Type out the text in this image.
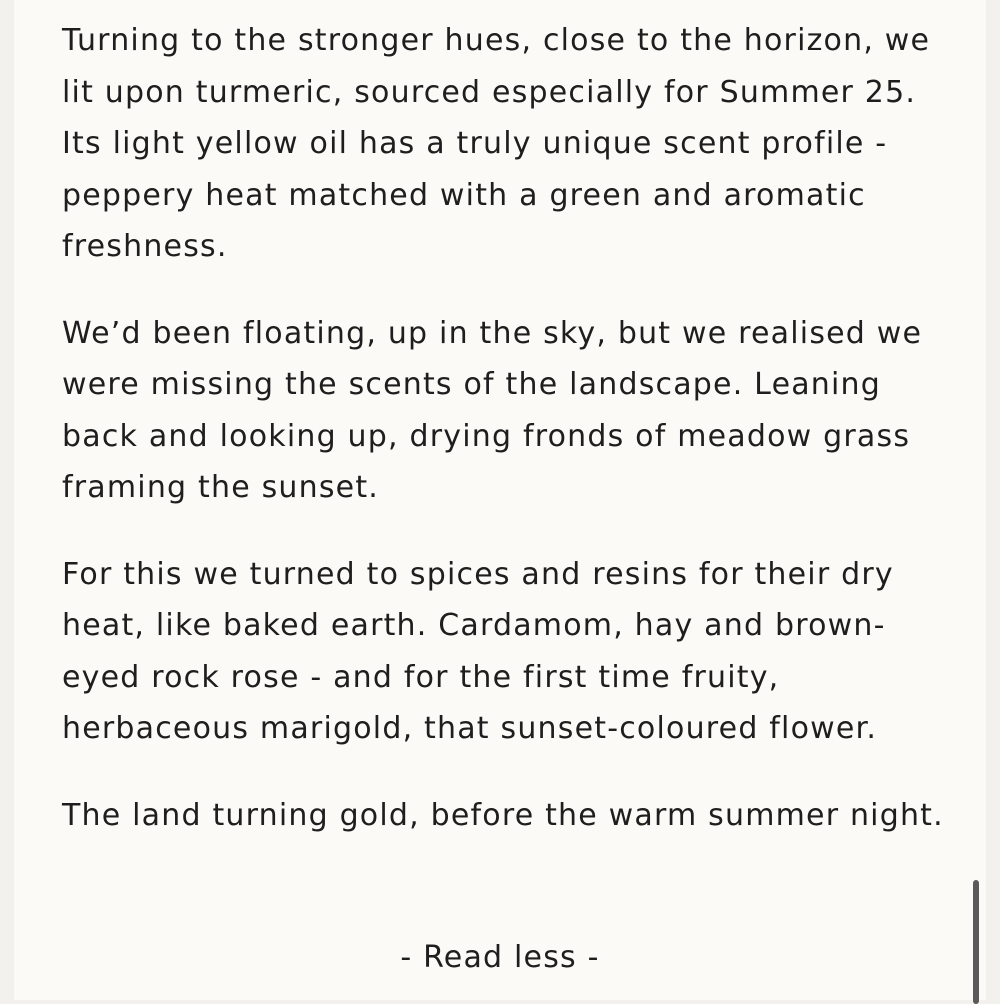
Turning to the stronger hues, close to the horizon, we lit upon turmeric, sourced especially for Summer 25. Its light yellow oil has a truly unique scent profile - peppery heat matched with a green and aromatic freshness.

We’d been floating, up in the sky, but we realised we were missing the scents of the landscape. Leaning back and looking up, drying fronds of meadow grass framing the sunset.

For this we turned to spices and resins for their dry heat, like baked earth. Cardamom, hay and brown-eyed rock rose - and for the first time fruity, herbaceous marigold, that sunset-coloured flower.

The land turning gold, before the warm summer night.

- Read less -
